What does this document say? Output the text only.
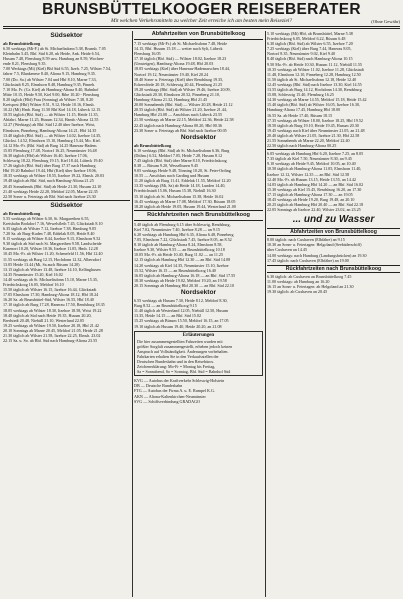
BRUNSBÜTTELKOOGER REISEBERATER
Mit welchen Verkehrsmitteln zu welcher Zeit erreiche ich am besten mein Reiseziel?	(Ohne Gewähr)
Südsektor
ab Brunsbüttelkoog
6.50 werktags (Mi-F.) ab St. Michaelisdonn 5.38, Brunsb. 7.05
Kleinbahn 5.45, Bhf. Süd 6.20, nk Heide, Ank. Heide 6.54,
Husum 7.48, Flensburg 8.59 usw. Hamburg an 8.59, Wochen-
ende 8.21, Flensburg 9.35.
7.00 Werktags (Mi) (Kiel) Bhf Süd 6.55, Itzeh. 7.25, Wilster 7.54,
fahrer 7.5, Blankenese 8.40, Altona 9.15, Hamburg 9.35.
7.00 (Do. Sa.) ab Wilster 7.04 und Hbf 8.10, Marne 7.33,
Glückstadt 8.25, Elmshorn 8.48, Hamburg 9.35, Pinneb.
7.10 Mo. Fr. (Gr. Kiel) ab Hamburg-Altona 8.40, Bahnhof
Mitte 10.15, Heide 9.50, Kiel 9.00, Ribe 10.20 - Flensburg
8.20 täglich (Hbf) Frau (Sonntag) ab Wilster 7.38, 8.20
Kreispost (Hbf) Wilster 8.51, 9.12, Heide 10.16, Elmsh.
10.22 (Mi) Hmb. Burg 11.50 Bhf Kiel 14.18, Lübeck 12.15.
10.55 täglich (Bhf. Süd) — ab Wilster 11.15, Heide 11.35,
Abfahrt. Marne 11.25, Husum 12.34, Hamb.-Altona 12.55
12.27 (Werktags) ab Bhf. Süd 12.40 über Itzehoe, Wrist,
Elmshorn, Pinneberg, Hamburg-Altona 14.21, Hbf 14.35
13.40 täglich (Bhf. Süd) — ab Wilster 14.02, Itzehoe 14.35,
Glückst. 14.52, Elmshorn 15.10, Hamburg 15.44, Mo. Kiel.
14.12 Mo.-Fr. (Bhf. Süd) ab Burg 14.25 Hanerau-Hadem.
15.05 Flensburg 17.48, Nortorf 16.25, Neumünster 16.48
16.30 täglich (Hbf) ab Wilster 16.40, Itzehoe 17.06,
Schleswig 18.22, Flensburg 19.15, Kiel 18.44, Lübeck 19.40
17.26 täglich (Bhf. Süd) über Burg 17.37 nach Hamburg
Hbf 19.20 Bahnhof 19.44, Hbf (Kiel) über Itzehoe 18.06,
18.35 werktags ab Wilster 18.55, Itzehoe 19.22, Elmsh. 20.03
19.48 täglich ab Bhf. Süd, nach Hamburg-Altona 21.25
20.45 Sonnabends (Bhf. Süd) ab Heide 21.30, Husum 22.10
21.40 werktags Heide 22.20, Meldorf 22.05, Marne 22.35
22.50 Sonn- u. Feiertags ab Bhf. Süd nach Itzehoe 23.30
Südsektor
ab Brunsbüttelkoog
5.55 werktags ab Wilster 6.30, St. Margarethen 6.55,
Kreisbahn Brokdorf 7.16, Wewelsfleth 7.45, Glückstadt 8.10
6.35 täglich ab Wilster 7.12, Itzehoe 7.38, Hamburg 9.05
7.20 Sa. ab Burg-Kuden 7.48, Eddelak 8.05, Heide 8.40
8.15 werktags ab Wilster 8.44, Itzehoe 9.15, Elmshorn 9.52
9.30 täglich ab Süd nach St. Margarethen 9.58, Landscheide
Kasenort 10.20, Wilster 10.36, Itzehoe 11.05, Hmb. 12.28
10.45 Mo.-Fr. ab Wilster 11.20, Schenefeld 11.56, Hbf 12.40
11.55 werktags ab Burg 12.15, Hochdonn 12.32, Albersdorf
13.05 Heide 13.44 (Mi, Sa auch Büsum 14.20)
13.15 täglich ab Wilster 13.48, Itzehoe 14.10, Kellinghusen
14.35 Neumünster 15.20, Kiel 16.02
14.40 werktags ab St. Michaelisdonn 15.10, Marne 15.35,
Friedrichskoog 16.05, Meldorf 16.10
15.50 täglich ab Wilster 16.15, Itzehoe 16.44, Glückstadt
17.05 Elmshorn 17.30, Hamburg-Altona 18.12, Hbf 18.24
16.20 Sa. ab Brunsbüttel-Süd, Wilster 16.55, Hbf 18.40
17.10 täglich ab Burg 17.28, Hanerau 17.50, Rendsburg 18.35
18.05 werktags ab Wilster 18.30, Itzehoe 18.58, Wrist 19.22
18.40 täglich ab Süd nach Heide 19.35, Husum 20.20,
Bredstedt 20.48, Niebüll 21.10, Westerland 22.05
19.25 werktags ab Wilster 19.50, Itzehoe 20.18, Hbf 21.42
20.10 Sonntags ab Marne 20.45, Meldorf 21.05, Heide 21.28
21.30 täglich ab Wilster 21.58, Itzehoe 22.25, Elmsh. 23.02
22.15 Sa. u. So. ab Bhf. Süd nach Hamburg-Altona 23.55
Abfahrtzeiten von Brunsbüttelkoog
7.15 werktags (Mi-Fr.) ab St. Michaelisdonn 7.48, Heide
14.15, Bhf. Husum 15.18 — weiter nach Sylt, Lübeck
Flensburg 16.05
17.10 täglich (Bhf. Süd) — Wilster 18.02, Itzehoe 18.23
(Umsteigen), Hamburg-Altona 19.48, Hbf 20.03
18.05 werktags (Kiel) über Hanerau-Hademarschen 18.44,
Nortorf 19.12, Neumünster 19.40, Kiel 20.24
18.40 Sonn- u. Feiertags (Kiel) über Rendsburg 19.35,
Eckernförde 20.18, Schleswig 20.44, Flensburg 21.25
19.20 werktags (Bhf. Süd) ab Wilster 19.46, Itzehoe 20.09,
Glückstadt 20.30, Elmshorn 20.52, Pinneberg 21.10,
Hamburg-Altona 21.32, Hamburg Hbf 21.45
20.00 Sonnabends (Bhf. Süd) — Wilster 20.28, Heide 21.12
20.55 täglich (Bhf. Süd) ab Wilster 21.20, Itzehoe 21.44,
Hamburg Hbf 23.08 — Anschluss nach Lübeck 23.55
21.50 werktags ab Marne 22.15, Meldorf 22.36, Heide 22.58
22.45 täglich nach Hamburg-Altona 00.20, Hbf 00.36
23.30 Sonn- u. Feiertags ab Bhf. Süd nach Itzehoe 00.05
Nordsektor
ab Brunsbüttelkoog
6.10 werktags (Bhf. Süd) ab St. Michaelisdonn 6.36, Burg
(Dithm.) 6.52, Meldorf 7.05, Heide 7.28, Husum 8.12
7.45 täglich (Bhf. Süd) über Marne 8.10, Friedrichskoog
8.38 — Büsum 9.20, Wesselburen 9.45
9.05 werktags Heide 9.48, Tönning 10.20, St. Peter-Ording
10.55 — Anschluss nach Garding und Husum
11.20 täglich ab Burg 11.41, Eddelak 11.55, Meldorf 12.20
13.35 werktags (Mi, Sa) ab Heide 14.18, Lunden 14.40,
Friedrichstadt 15.06, Husum 15.38, Niebüll 16.30
15.10 täglich ab St. Michaelisdonn 15.38, Heide 16.02
16.45 werktags ab Marne 17.08, Meldorf 17.30, Büsum 18.05
18.20 täglich ab Heide 19.05, Husum 19.44, Westerland 21.00
Rückfahrtzeiten nach Brunsbüttelkoog
5.40 täglich ab Flensburg 6.15 über Schleswig, Rendsburg,
Kiel 7.02, Neumünster 7.40, Itzehoe 8.28 — an 9.15
6.20 werktags ab Hamburg Hbf 6.35, Altona 6.48, Pinneberg
7.05, Elmshorn 7.22, Glückstadt 7.45, Itzehoe 8.05, an 8.52
8.10 täglich ab Hamburg-Altona 8.24, Elmshorn 8.58,
Itzehoe 9.30, Wilster 9.55 — an Brunsbüttelkoog 10.18
10.05 Mo.-Fr. ab Heide 10.40, Burg 11.02 — an 11.25
12.15 täglich ab Hamburg Hbf 12.30 — an Bhf. Süd 14.08
14.20 werktags ab Kiel 14.35, Neumünster 15.10, Itzehoe
15.52, Wilster 16.15 — an Brunsbüttelkoog 16.40
16.05 täglich ab Hamburg-Altona 16.18 — an Bhf. Süd 17.55
18.30 werktags ab Heide 19.02, Meldorf 19.20, an 19.58
20.15 Sonntags ab Hamburg Hbf 20.30 — an Bhf. Süd 22.10
Nordsektor
6.55 werktags ab Husum 7.30, Heide 8.12, Meldorf 8.30,
Burg 8.52 — an Brunsbüttelkoog 9.15
11.40 täglich ab Westerland 12.05, Niebüll 12.50, Husum
13.35, Heide 14.15 — an Bhf. Süd 15.02
15.25 werktags ab Büsum 15.50, Meldorf 16.15, an 17.05
19.10 täglich ab Husum 19.40, Heide 20.20, an 21.08
Erläuterungen
Die hier zusammengestellten Fahrzeiten wurden mit
größter Sorgfalt zusammengestellt, erheben jedoch keinen
Anspruch auf Vollständigkeit. Änderungen vorbehalten.
Fahrkarten erhalten Sie in den Verkaufsstellen der
Deutschen Bundesbahn und in den Reisebüros.
Zeichenerklärung: Mo-Fr = Montag bis Freitag,
Sa = Sonnabend, So = Sonntag, Bhf. Süd = Bahnhof Süd
KVG — Autobus der Kraftverkehr Schleswig-Holstein
DB — Deutsche Bundesbahn
FTG — Autobus der Firma A. u. E. Rumpel K.G.
AKN — Altona-Kaltenkirchen-Neumünster
SVG — Schiffsverbindung GRADAGO
5.10 werktags (Mi) Hbf, ab Brunsbüttel, Marne 5.38
Friedrichskoog 6.05, Meldorf 6.22, Büsum 6.48
6.30 täglich (Bhf. Süd) ab Wilster 6.55, Itzehoe 7.20
7.25 werktags (Kiel) über Burg 7.44, Hanerau 8.05,
Nortorf 8.35, Neumünster 9.02, Kiel 9.40
8.40 täglich (Bhf. Süd) nach Hamburg-Altona 10.15
9.50 Mo.-Fr. ab Heide 10.30, Husum 11.12, Niebüll 11.55
10.35 werktags ab Wilster 11.02, Itzehoe 11.28, Glückstadt
11.48, Elmshorn 12.10, Pinneberg 12.28, Hamburg 12.50
11.50 täglich ab St. Michaelisdonn 12.18, Heide 12.40
12.45 werktags (Bhf. Süd) nach Itzehoe 13.30, Kiel 14.55
13.55 täglich ab Burg 14.12, Hochdonn 14.30, Rendsburg
15.08, Schleswig 15.40, Flensburg 16.25
14.30 werktags ab Marne 14.55, Meldorf 15.18, Heide 15.42
15.40 täglich (Bhf. Süd) ab Wilster 16.05, Itzehoe 16.30,
Hamburg-Altona 17.45, Hamburg Hbf 18.00
16.55 Sa. ab Heide 17.40, Büsum 18.15
17.35 werktags ab Wilster 18.00, Itzehoe 18.25, Hbf 19.52
18.50 täglich ab Burg 19.10, Heide 19.45, Husum 20.30
19.45 werktags nach Kiel über Neumünster 21.05, an 21.48
20.40 täglich ab Wilster 21.05, Itzehoe 21.30, Hbf 22.58
21.55 Sonnabends ab Marne 22.20, Meldorf 22.40
22.50 täglich nach Hamburg-Altona 00.25
6.05 werktags ab Hamburg Hbf 6.20, Itzehoe 7.25, an 8.05
7.35 täglich ab Kiel 7.50, Neumünster 8.30, an 9.45
9.10 werktags ab Heide 9.45, Meldorf 10.05, an 10.40
10.50 täglich ab Hamburg-Altona 11.05, Elmshorn 11.40,
Itzehoe 12.12, Wilster 12.35 — an Bhf. Süd 12.58
12.40 Mo.-Fr. ab Husum 13.15, Heide 13.55, an 14.42
14.05 täglich ab Hamburg Hbf 14.20 — an Bhf. Süd 16.02
15.30 werktags ab Kiel 15.45, Rendsburg 16.20, an 17.30
17.15 täglich ab Hamburg-Altona 17.30 — an 19.05
18.45 werktags ab Heide 19.20, Burg 19.48, an 20.10
20.25 täglich ab Hamburg Hbf 20.40 — an Bhf. Süd 22.18
22.05 Sonntags ab Itzehoe 22.40, Wilster 23.02, an 23.25
... und zu Wasser
Abfahrtzeiten von Brunsbüttelkoog
8.00 täglich: nach Cuxhaven (Elbfähre) an 9.15
10.30 an Sonn- u. Feiertagen: Helgoland (Seebäderschiff)
über Cuxhaven an 14.45
14.00 werktags: nach Hamburg (Landungsbrücken) an 19.30
17.45 täglich: nach Cuxhaven (Elbfähre) an 19.00
Rückfahrtzeiten nach Brunsbüttelkoog
6.30 täglich: ab Cuxhaven an Brunsbüttelkoog 7.45
11.00 werktags: ab Hamburg an 16.20
16.15 an Sonn- u. Feiertagen: ab Helgoland an 21.30
19.30 täglich: ab Cuxhaven an 20.45
